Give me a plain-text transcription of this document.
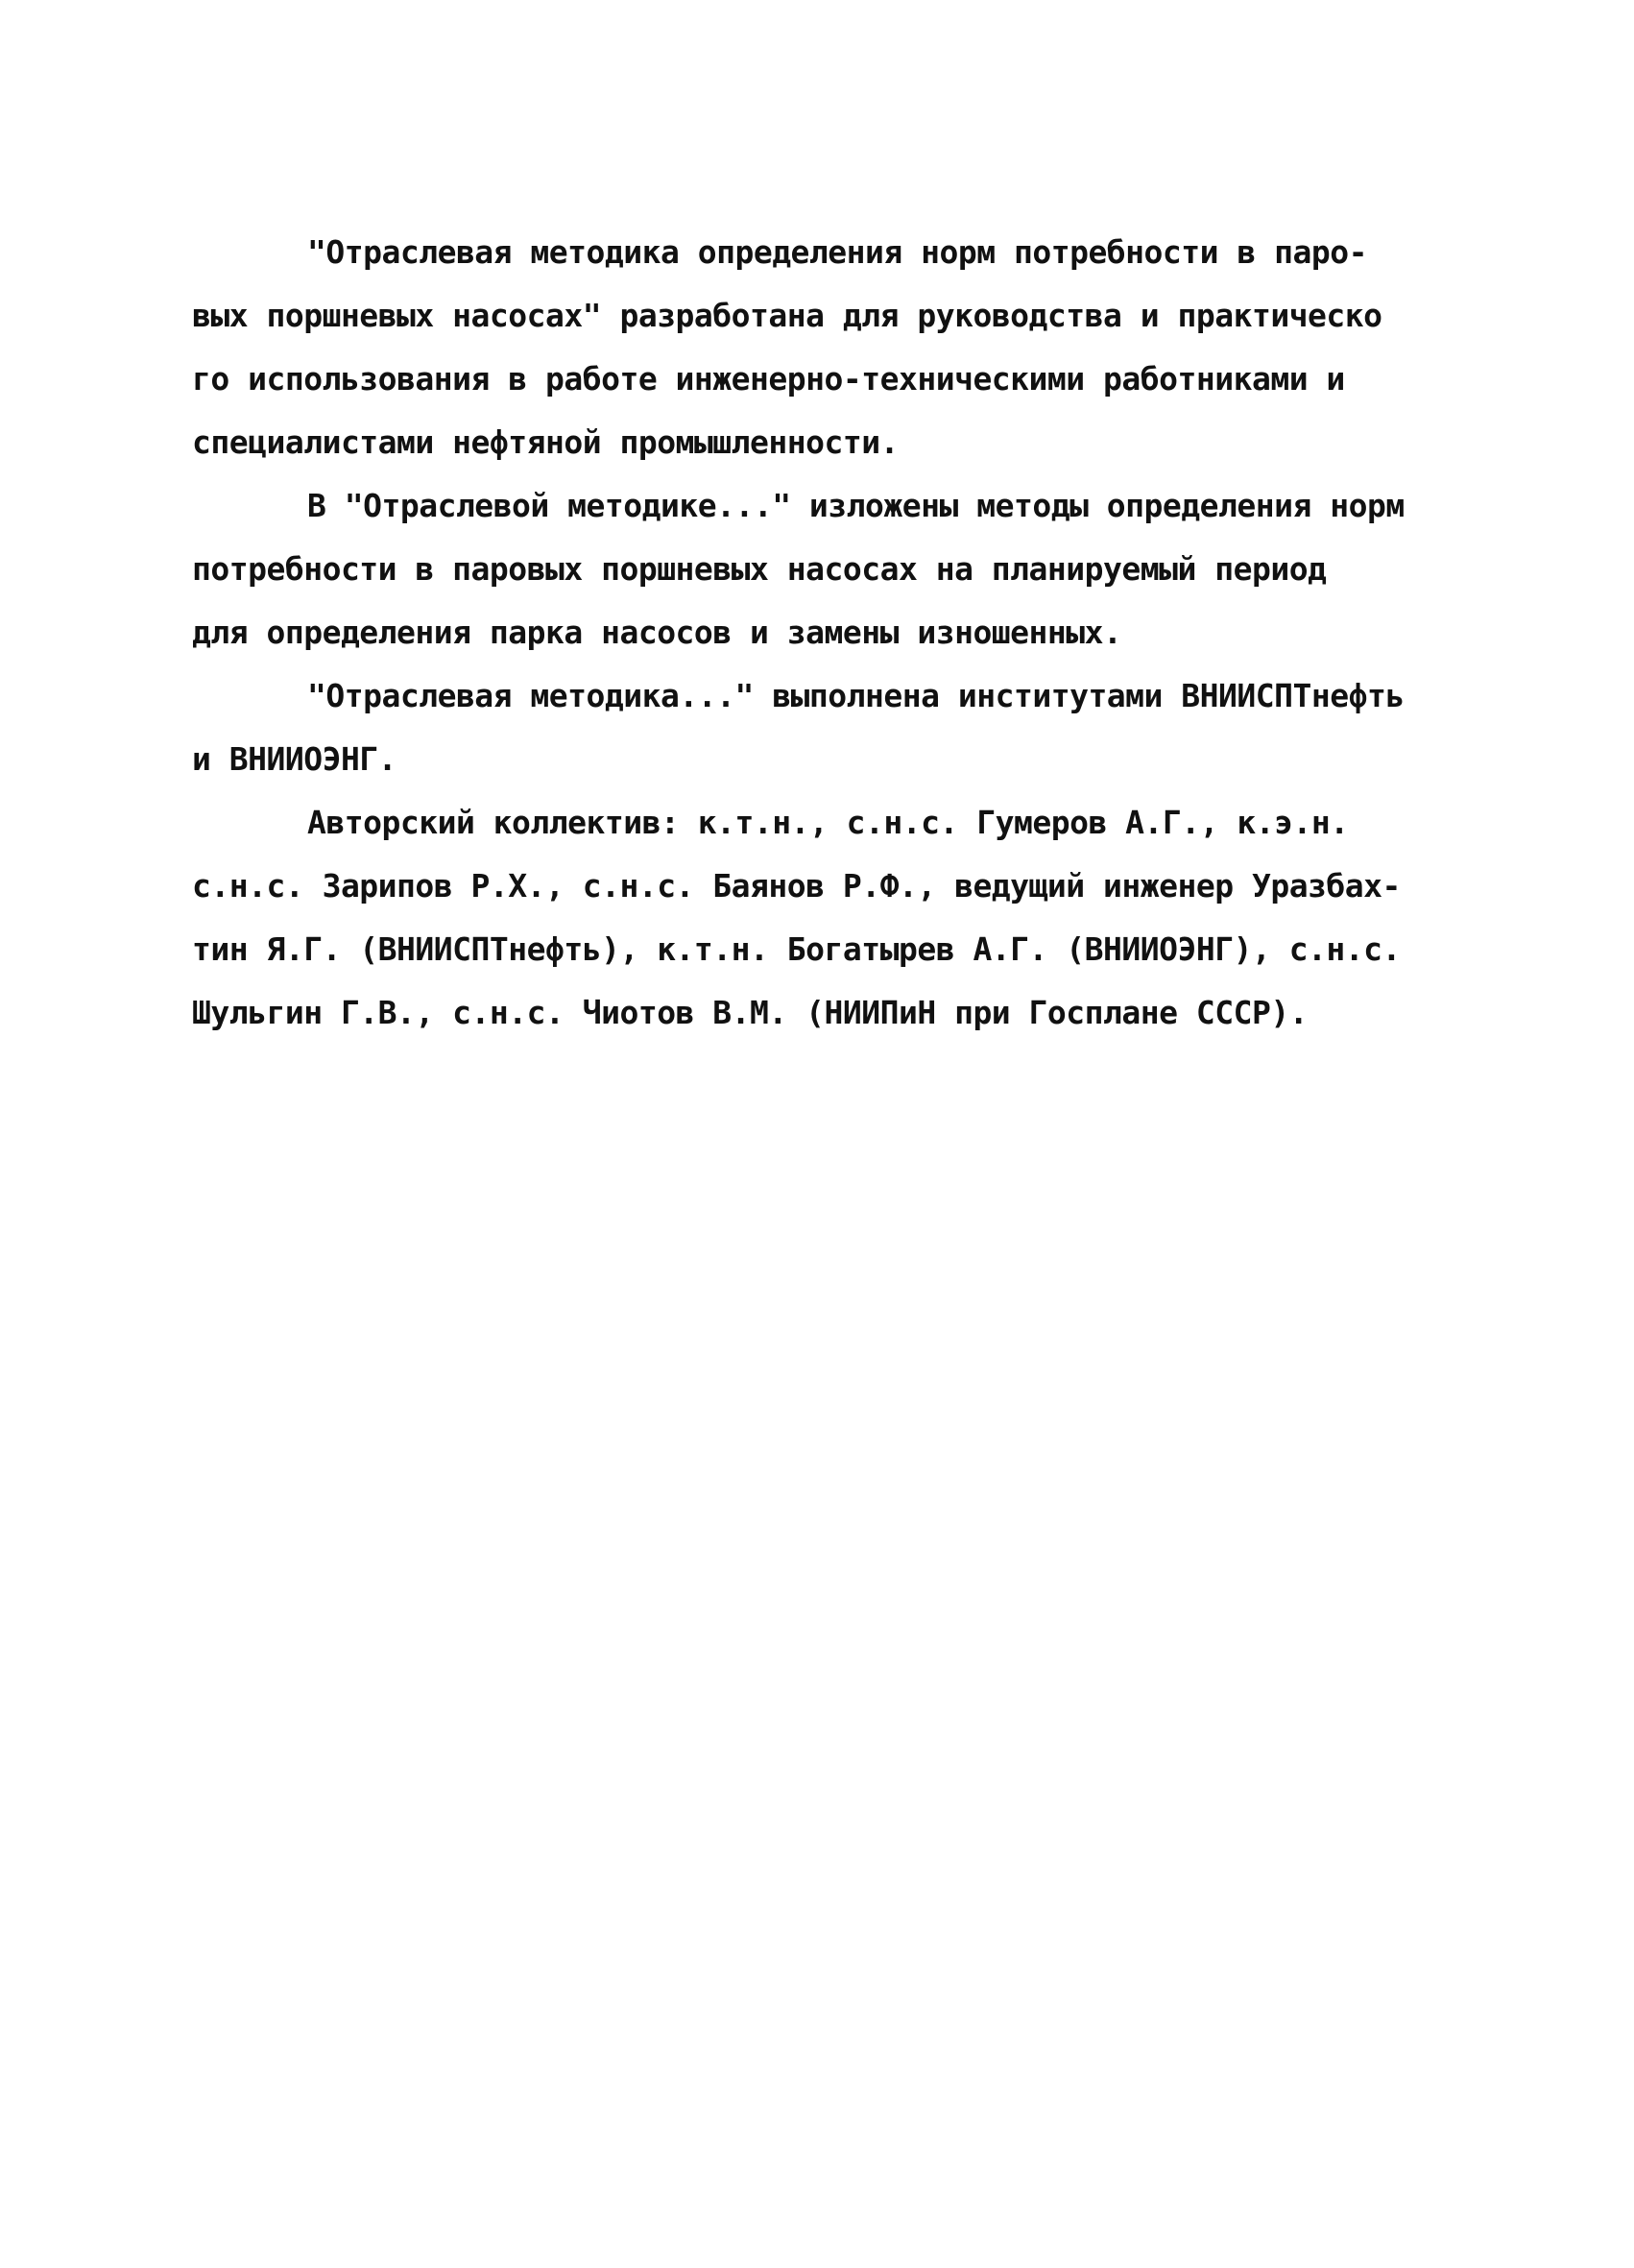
"Отраслевая методика определения норм потребности в паро-
вых поршневых насосах" разработана для руководства и практическо
го использования в работе инженерно-техническими работниками и
специалистами нефтяной промышленности.
В "Отраслевой методике..." изложены методы определения норм
потребности в паровых поршневых насосах на планируемый период
для определения парка насосов и замены изношенных.
"Отраслевая методика..." выполнена институтами ВНИИСПТнефть
и ВНИИОЭНГ.
Авторский коллектив: к.т.н., с.н.с. Гумеров А.Г., к.э.н.
с.н.с. Зарипов Р.Х., с.н.с. Баянов Р.Ф., ведущий инженер Уразбах-
тин Я.Г. (ВНИИСПТнефть), к.т.н. Богатырев А.Г. (ВНИИОЭНГ), с.н.с.
Шульгин Г.В., с.н.с. Чиотов В.М. (НИИПиН при Госплане СССР).
